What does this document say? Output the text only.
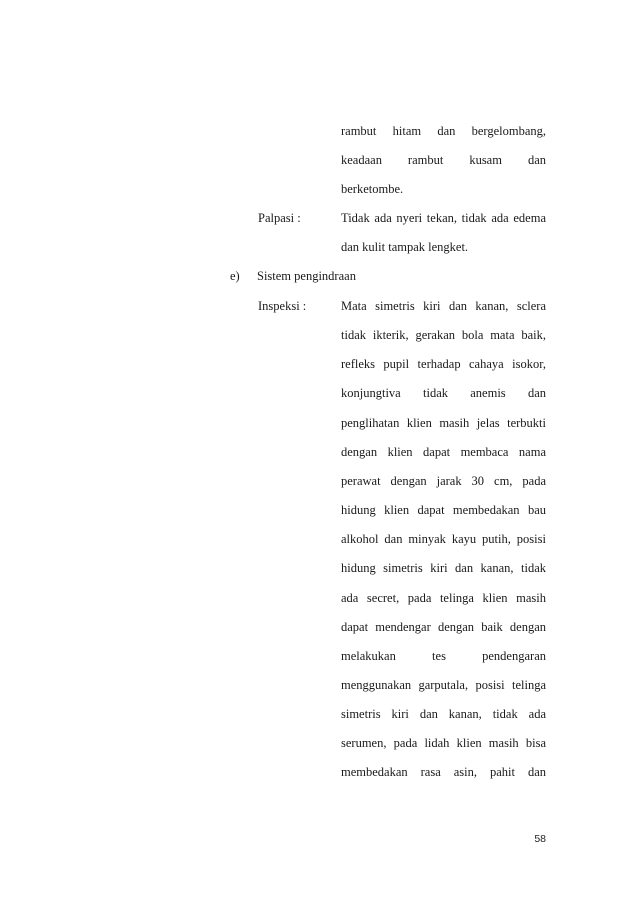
rambut hitam dan bergelombang,
keadaan rambut kusam dan
berketombe.
Palpasi :	Tidak ada nyeri tekan, tidak ada edema
dan kulit tampak lengket.
e) Sistem pengindraan
Inspeksi :	Mata simetris kiri dan kanan, sclera
tidak ikterik, gerakan bola mata baik,
refleks pupil terhadap cahaya isokor,
konjungtiva tidak anemis dan
penglihatan klien masih jelas terbukti
dengan klien dapat membaca nama
perawat dengan jarak 30 cm, pada
hidung klien dapat membedakan bau
alkohol dan minyak kayu putih, posisi
hidung simetris kiri dan kanan, tidak
ada secret, pada telinga klien masih
dapat mendengar dengan baik dengan
melakukan tes pendengaran
menggunakan garputala, posisi telinga
simetris kiri dan kanan, tidak ada
serumen, pada lidah klien masih bisa
membedakan rasa asin, pahit dan
58
